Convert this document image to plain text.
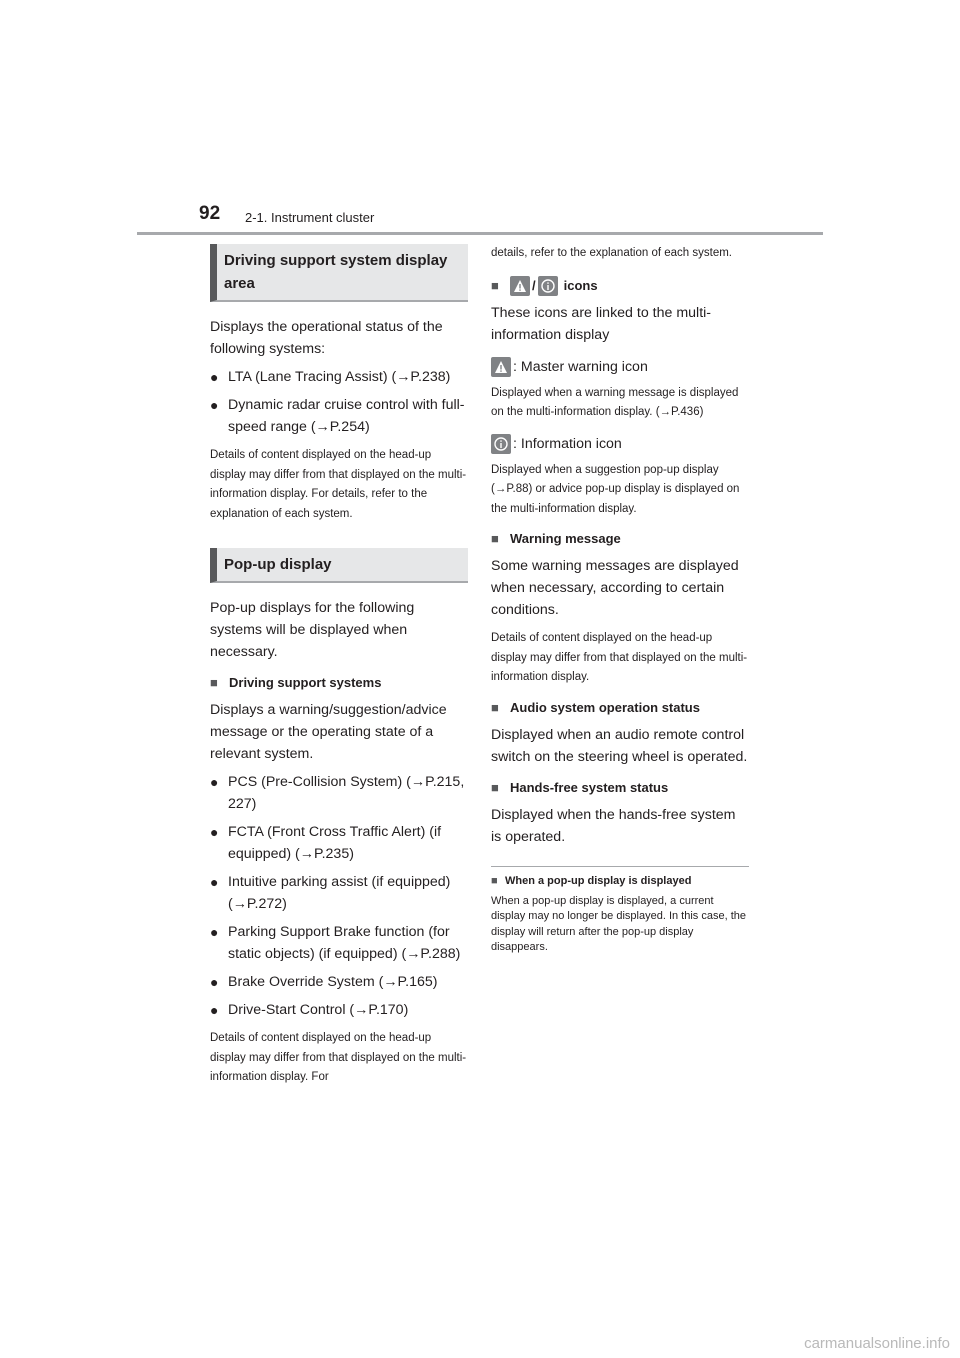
92 2-1. Instrument cluster
Driving support system display area

Displays the operational status of the following systems:

● LTA (Lane Tracing Assist) (→P.238)
● Dynamic radar cruise control with full-speed range (→P.254)

Details of content displayed on the head-up display may differ from that displayed on the multi-information display. For details, refer to the explanation of each system.

Pop-up display

Pop-up displays for the following systems will be displayed when necessary.

■ Driving support systems

Displays a warning/suggestion/advice message or the operating state of a relevant system.

● PCS (Pre-Collision System) (→P.215, 227)
● FCTA (Front Cross Traffic Alert) (if equipped) (→P.235)
● Intuitive parking assist (if equipped) (→P.272)
● Parking Support Brake function (for static objects) (if equipped) (→P.288)
● Brake Override System (→P.165)
● Drive-Start Control (→P.170)

Details of content displayed on the head-up display may differ from that displayed on the multi-information display. For

details, refer to the explanation of each system.

■	/ icons

These icons are linked to the multi-information display

: Master warning icon

Displayed when a warning message is displayed on the multi-information display. (→P.436)

: Information icon

Displayed when a suggestion pop-up display (→P.88) or advice pop-up display is displayed on the multi-information display.

■ Warning message

Some warning messages are displayed when necessary, according to certain conditions.

Details of content displayed on the head-up display may differ from that displayed on the multi-information display.

■ Audio system operation status

Displayed when an audio remote control switch on the steering wheel is operated.

■ Hands-free system status

Displayed when the hands-free system is operated.

■ When a pop-up display is displayed

When a pop-up display is displayed, a current display may no longer be displayed. In this case, the display will return after the pop-up display disappears.

carmanualsonline.info
